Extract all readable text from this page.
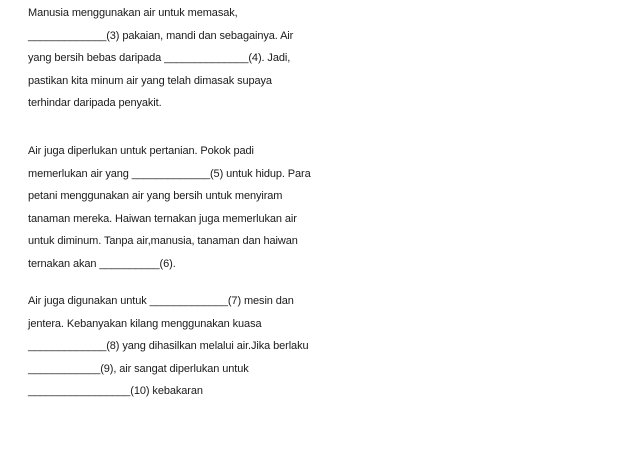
Manusia menggunakan air untuk memasak,
_____________(3) pakaian, mandi dan sebagainya. Air
yang bersih bebas daripada ______________(4). Jadi,
pastikan kita minum air yang telah dimasak supaya
terhindar daripada penyakit.
Air juga diperlukan untuk pertanian. Pokok padi
memerlukan air yang _____________(5) untuk hidup. Para
petani menggunakan air yang bersih untuk menyiram
tanaman mereka. Haiwan ternakan juga memerlukan air
untuk diminum. Tanpa air,manusia, tanaman dan haiwan
ternakan akan __________(6).
Air juga digunakan untuk _____________(7) mesin dan
jentera. Kebanyakan kilang menggunakan kuasa
_____________(8) yang dihasilkan melalui air.Jika berlaku
____________(9), air sangat diperlukan untuk
_________________(10) kebakaran
